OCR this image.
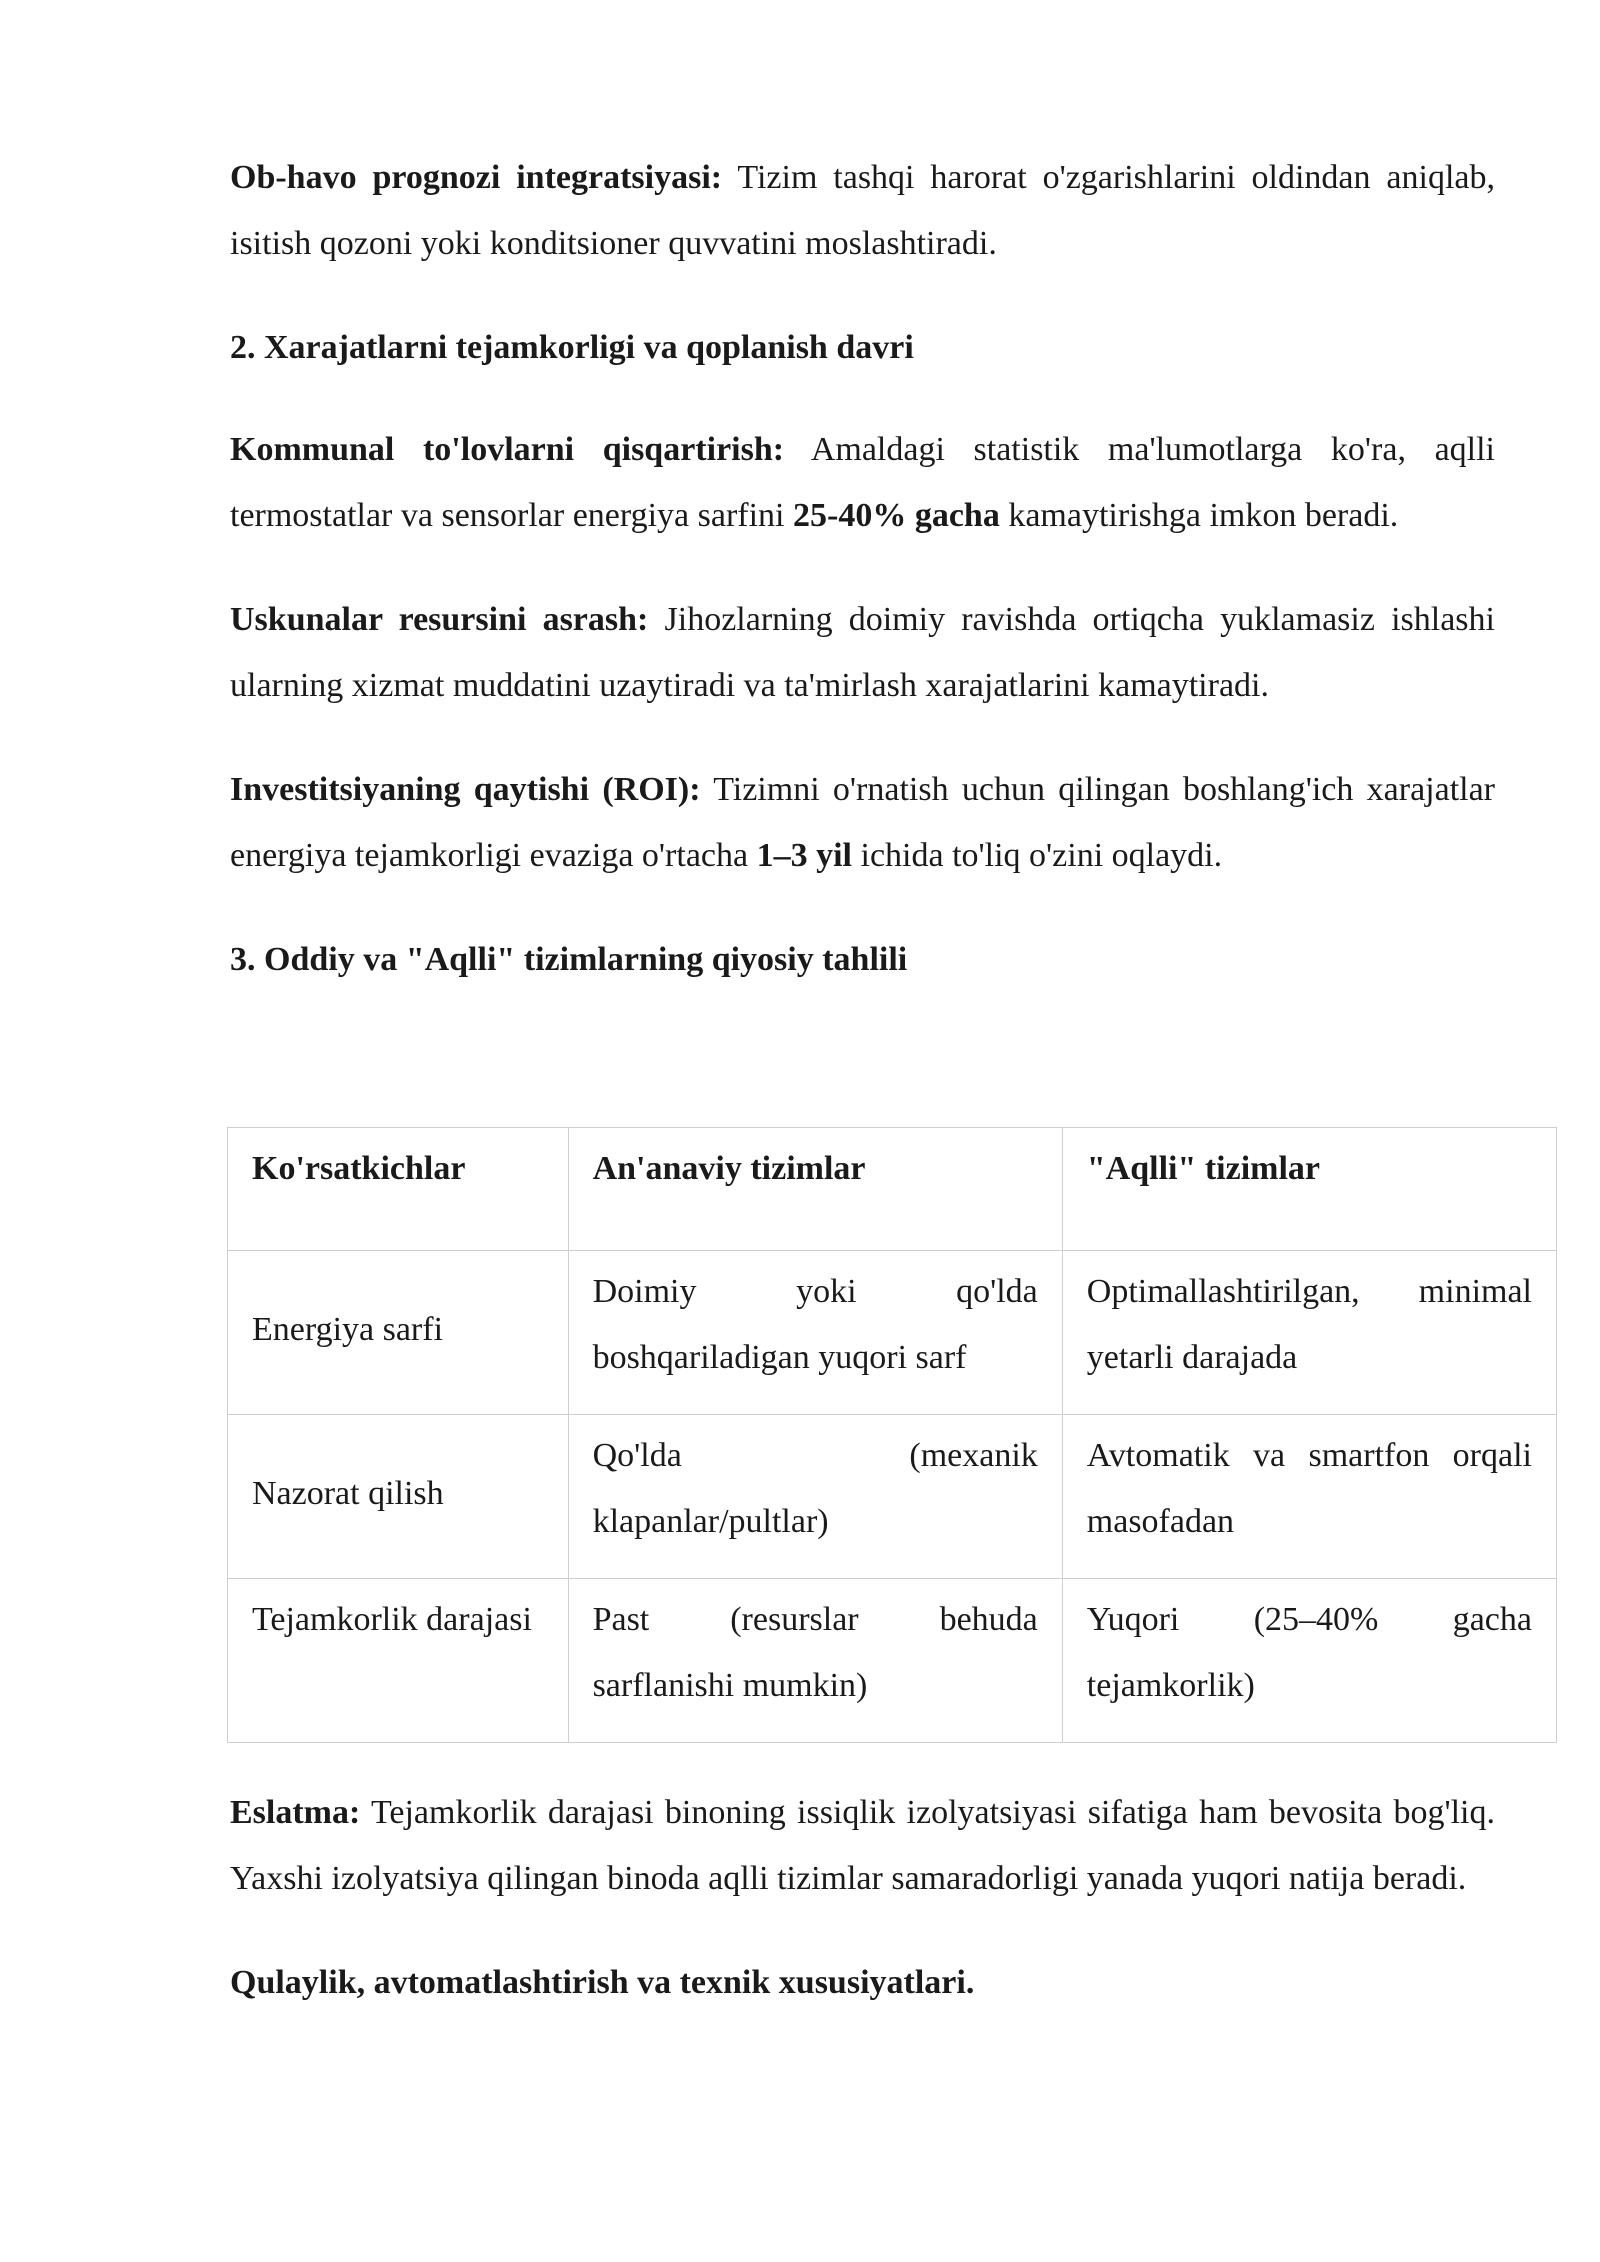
Ob-havo prognozi integratsiyasi: Tizim tashqi harorat o'zgarishlarini oldindan aniqlab, isitish qozoni yoki konditsioner quvvatini moslashtiradi.

2. Xarajatlarni tejamkorligi va qoplanish davri

Kommunal to'lovlarni qisqartirish: Amaldagi statistik ma'lumotlarga ko'ra, aqlli termostatlar va sensorlar energiya sarfini 25-40% gacha kamaytirishga imkon beradi.

Uskunalar resursini asrash: Jihozlarning doimiy ravishda ortiqcha yuklamasiz ishlashi ularning xizmat muddatini uzaytiradi va ta'mirlash xarajatlarini kamaytiradi.

Investitsiyaning qaytishi (ROI): Tizimni o'rnatish uchun qilingan boshlang'ich xarajatlar energiya tejamkorligi evaziga o'rtacha 1–3 yil ichida to'liq o'zini oqlaydi.

3. Oddiy va "Aqlli" tizimlarning qiyosiy tahlili
Ko'rsatkichlar	An'anaviy tizimlar	"Aqlli" tizimlar
Energiya sarfi	Doimiy yoki qo'lda boshqariladigan yuqori sarf	Optimallashtirilgan, minimal yetarli darajada
Nazorat qilish	Qo'lda (mexanik klapanlar/pultlar)	Avtomatik va smartfon orqali masofadan
Tejamkorlik darajasi	Past (resurslar behuda sarflanishi mumkin)	Yuqori (25–40% gacha tejamkorlik)

Eslatma: Tejamkorlik darajasi binoning issiqlik izolyatsiyasi sifatiga ham bevosita bog'liq. Yaxshi izolyatsiya qilingan binoda aqlli tizimlar samaradorligi yanada yuqori natija beradi.

Qulaylik, avtomatlashtirish va texnik xususiyatlari.
